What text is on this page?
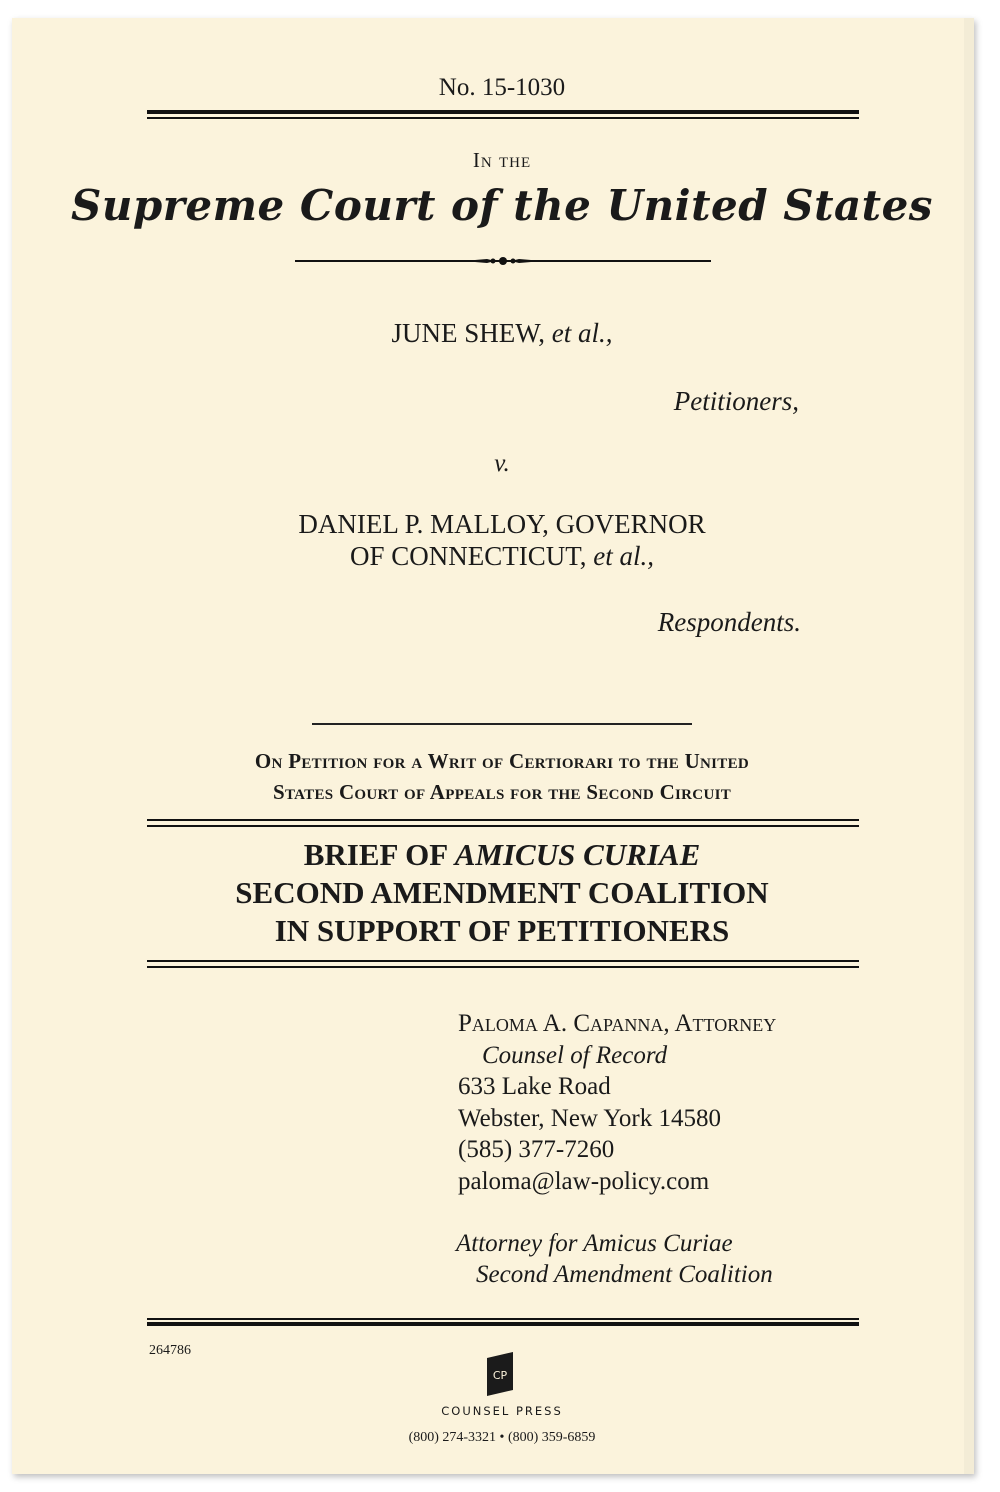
No. 15-1030
In the
Supreme Court of the United States
JUNE SHEW, et al.,
Petitioners,
v.
DANIEL P. MALLOY, GOVERNOR
OF CONNECTICUT, et al.,
Respondents.
On Petition for a Writ of Certiorari to the United
States Court of Appeals for the Second Circuit
BRIEF OF AMICUS CURIAE
SECOND AMENDMENT COALITION
IN SUPPORT OF PETITIONERS
Paloma A. Capanna, Attorney
Counsel of Record
633 Lake Road
Webster, New York 14580
(585) 377-7260
paloma@law-policy.com
Attorney for Amicus Curiae
Second Amendment Coalition
264786
CP
COUNSEL PRESS
(800) 274-3321 • (800) 359-6859
